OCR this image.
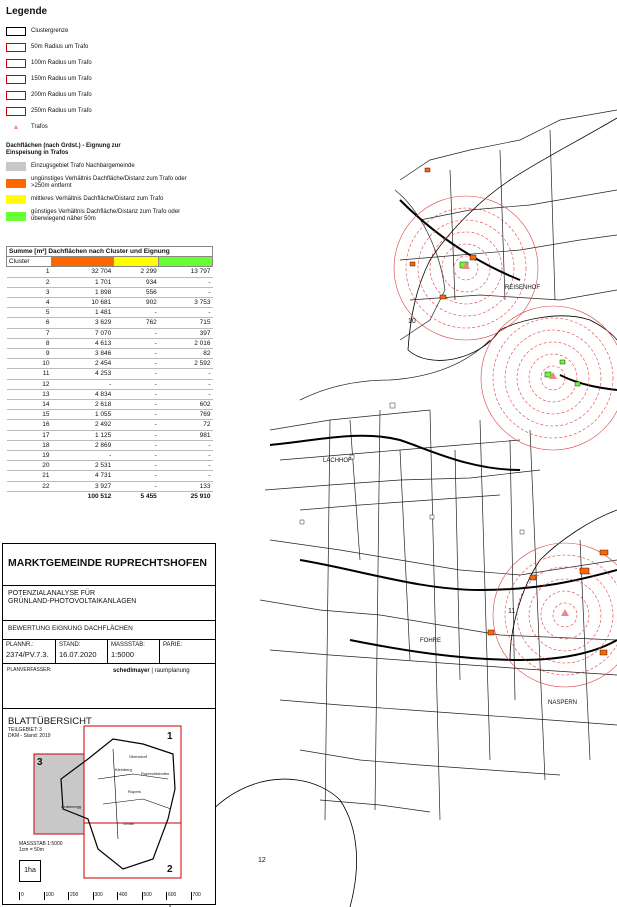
REISENHOF
LACHHOF
FOHRE
NASPERN
10
11
12
Legende
Clustergrenze
50m Radius um Trafo
100m Radius um Trafo
150m Radius um Trafo
200m Radius um Trafo
250m Radius um Trafo
▲	Trafos
Dachflächen (nach Grdst.) - Eignung zur Einspeisung in Trafos
Einzugsgebiet Trafo Nachbargemeinde
ungünstiges Verhältnis Dachfläche/Distanz zum Trafo oder >250m entfernt
mittleres Verhältnis Dachfläche/Distanz zum Trafo
günstiges Verhältnis Dachfläche/Distanz zum Trafo oder überwiegend näher 50m
Summe [m²] Dachflächen nach Cluster und Eignung			
Cluster			
1	32 704	2 299	13 797
2	1 701	934	-
3	1 898	556	-
4	10 681	902	3 753
5	1 481	-	-
6	3 629	762	715
7	7 070	-	397
8	4 613	-	2 016
9	3 846	-	82
10	2 454	-	2 592
11	4 253	-	-
12	-	-	-
13	4 834	-	-
14	2 618	-	602
15	1 055	-	769
16	2 492	-	72
17	1 125	-	981
18	2 869	-	-
19	-	-	-
20	2 531	-	-
21	4 731	-	-
22	3 927	-	133
	100 512	5 455	25 910
MARKTGEMEINDE RUPRECHTSHOFEN
POTENZIALANALYSE FÜR
GRÜNLAND-PHOTOVOLTAIKANLAGEN
BEWERTUNG EIGNUNG DACHFLÄCHEN
PLANNR.:
2374/PV.7.3.
STAND:
16.07.2020
MASSSTAB:
1:5000
PARIE:
PLANVERFASSER:	schedlmayer | raumplanung
BLATTÜBERSICHT
TEILGEBIET: 3
DKM - Stand: 2019	1
2
3
Oberndorf
Kleinberg
Ruprechtshofen
Rupers
Grabenegg
Orbart
MASSSTAB 1:5000
1cm = 50m
1ha
0	100	200	300	400	500	600	700
